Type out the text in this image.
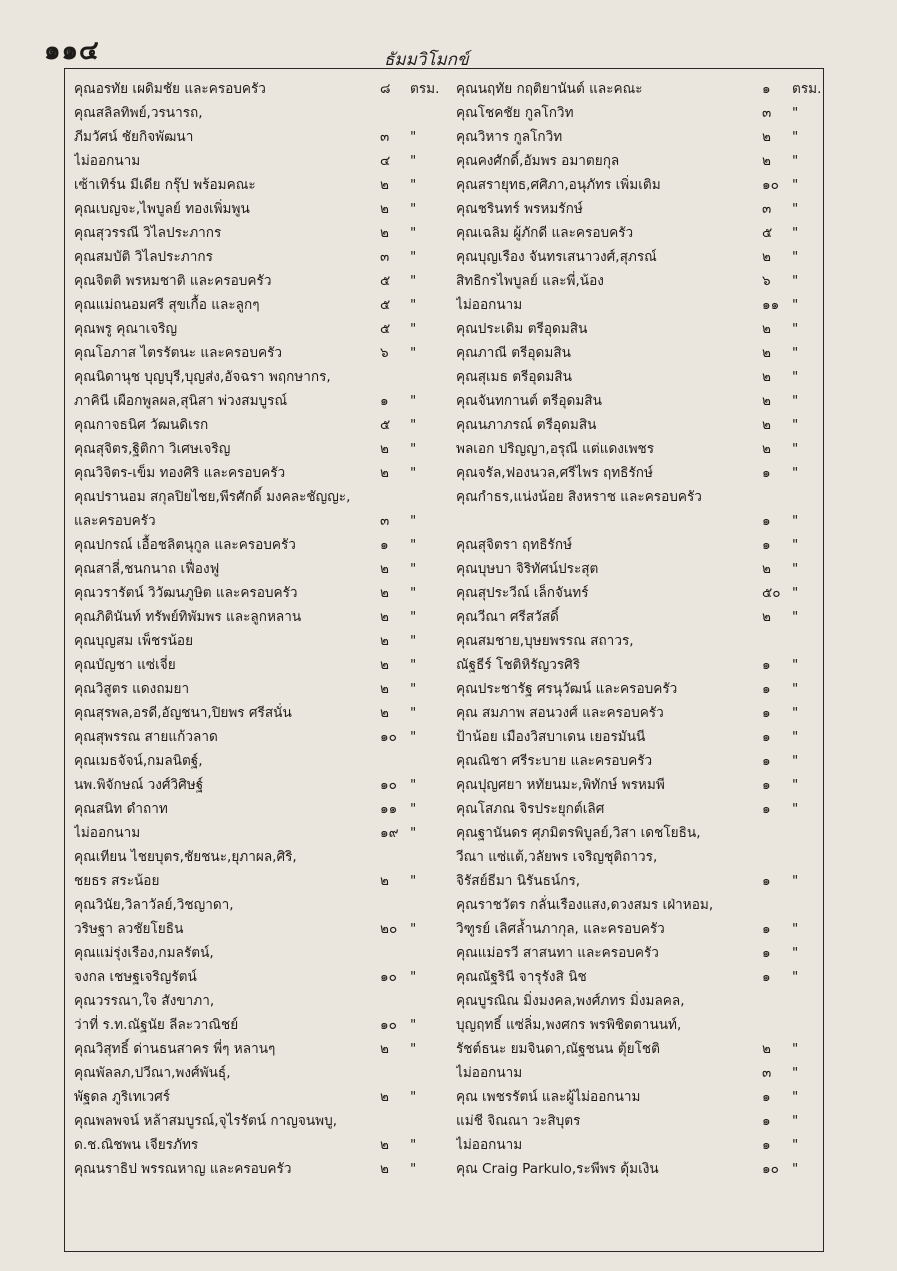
๑๑๔	ธัมมวิโมกข์
คุณอรทัย เผดิมชัย และครอบครัว	๘	ตรม.
คุณสลิลทิพย์,วรนารถ,
ภีมวัศน์ ชัยกิจพัฒนา	๓	"
ไม่ออกนาม	๔	"
เซ้าเทิร์น มีเดีย กรุ๊ป พร้อมคณะ	๒	"
คุณเบญจะ,ไพบูลย์ ทองเพิ่มพูน	๒	"
คุณสุวรรณี วิไลประภากร	๒	"
คุณสมบัติ วิไลประภากร	๓	"
คุณจิตติ พรหมชาติ และครอบครัว	๕	"
คุณแม่ถนอมศรี สุขเกื้อ และลูกๆ	๕	"
คุณพรู คุณาเจริญ	๕	"
คุณโอภาส ไตรรัตนะ และครอบครัว	๖	"
คุณนิดานุช บุญบุรี,บุญส่ง,อัจฉรา พฤกษากร,
ภาคินี เผือกพูลผล,สุนิสา พ่วงสมบูรณ์	๑	"
คุณกาจธนิศ วัฒนดิเรก	๕	"
คุณสุจิตร,ฐิติกา วิเศษเจริญ	๒	"
คุณวิจิตร-เข็ม ทองศิริ และครอบครัว	๒	"
คุณปรานอม สกุลปิยไชย,พีรศักดิ์ มงคละชัญญะ,
และครอบครัว	๓	"
คุณปกรณ์ เอื้อชลิตนุกูล และครอบครัว	๑	"
คุณสาลี่,ชนกนาถ เฟื่องฟู	๒	"
คุณวรารัตน์ วิวัฒนภูษิต และครอบครัว	๒	"
คุณภิตินันท์ ทรัพย์ทิพัมพร และลูกหลาน	๒	"
คุณบุญสม เพ็ชรน้อย	๒	"
คุณบัญชา แซ่เจี่ย	๒	"
คุณวิสูตร แดงถมยา	๒	"
คุณสุรพล,อรดี,อัญชนา,ปิยพร ศรีสนั่น	๒	"
คุณสุพรรณ สายแก้วลาด	๑๐ "
คุณเมธจัจน์,กมลนิตฐ์,
นพ.พิจักษณ์ วงศ์วิศิษฐ์	๑๐ "
คุณสนิท ดำถาท	๑๑ "
ไม่ออกนาม	๑๙ "
คุณเทียน ไชยบุตร,ชัยชนะ,ยุภาผล,ศิริ,
ชยธร สระน้อย	๒	"
คุณวินัย,วิลาวัลย์,วิชญาดา,
วริษฐา ลวชัยโยธิน	๒๐ "
คุณแม่รุ่งเรือง,กมลรัตน์,
จงกล เชษฐเจริญรัตน์	๑๐ "
คุณวรรณา,ใจ สังขาภา,
ว่าที่ ร.ท.ณัฐนัย ลีละวาณิชย์	๑๐ "
คุณวิสุทธิ์ ด่านธนสาคร พี่ๆ หลานๆ	๒	"
คุณพัลลภ,ปวีณา,พงศ์พันธุ์,
พัฐดล ภูริเทเวศร์	๒	"
คุณพลพจน์ หล้าสมบูรณ์,จุไรรัตน์ กาญจนพบู,
ด.ช.ณิชพน เจียรภัทร	๒	"
คุณนราธิป พรรณหาญ และครอบครัว	๒	"
คุณนฤทัย กฤติยานันต์ และคณะ	๑	ตรม.
คุณโชคชัย กูลโกวิท	๓	"
คุณวิหาร กูลโกวิท	๒	"
คุณคงศักดิ์,อัมพร อมาตยกุล	๒	"
คุณสรายุทธ,ศศิภา,อนุภัทร เพิ่มเติม	๑๐ "
คุณชรินทร์ พรหมรักษ์	๓	"
คุณเฉลิม ผู้ภักดี และครอบครัว	๕	"
คุณบุญเรือง จันทรเสนาวงศ์,สุภรณ์	๒	"
สิทธิกรไพบูลย์ และพี่,น้อง	๖	"
ไม่ออกนาม	๑๑ "
คุณประเดิม ตรีอุดมสิน	๒	"
คุณภาณี ตรีอุดมสิน	๒	"
คุณสุเมธ ตรีอุดมสิน	๒	"
คุณจันทกานต์ ตรีอุดมสิน	๒	"
คุณนภาภรณ์ ตรีอุดมสิน	๒	"
พลเอก ปริญญา,อรุณี แต่แดงเพชร	๒	"
คุณจรัล,ฟองนวล,ศรีไพร ฤทธิรักษ์	๑	"
คุณกำธร,แน่งน้อย สิงหราช และครอบครัว
๑	"
คุณสุจิตรา ฤทธิรักษ์	๑	"
คุณบุษบา จิริทัศน์ประสุต	๒	"
คุณสุประวีณ์ เล็กจันทร์	๕๐ "
คุณวีณา ศรีสวัสดิ์	๒	"
คุณสมชาย,บุษยพรรณ สถาวร,
ณัฐธีร์ โชติหิรัญวรศิริ	๑	"
คุณประชารัฐ ศรนุวัฒน์ และครอบครัว	๑	"
คุณ สมภาพ สอนวงศ์ และครอบครัว	๑	"
ป้าน้อย เมืองวิสบาเดน เยอรมันนี	๑	"
คุณณิชา ศรีระบาย และครอบครัว	๑	"
คุณปุญศยา หทัยนมะ,พิทักษ์ พรหมพี	๑	"
คุณโสภณ จิรประยุกต์เลิศ	๑	"
คุณฐานันดร ศุภมิตรพิบูลย์,วิสา เดชโยธิน,
วีณา แซ่แต้,วลัยพร เจริญชุติถาวร,
จิรัสย์ธีมา นิรันธน์กร,	๑	"
คุณราชวัตร กลั่นเรืองแสง,ดวงสมร เฝ่าหอม,
วิฑูรย์ เลิศล้ำนภากุล, และครอบครัว	๑	"
คุณแม่อรวี สาสนทา และครอบครัว	๑	"
คุณณัฐรินี จารุรังสิ นิช	๑	"
คุณบูรณิณ มิ่งมงคล,พงศ์ภทร มิ่งมลคล,
บุญฤทธิ์ แซ่ลิ่ม,พงศกร พรพิชิตตานนท์,
รัชต์ธนะ ยมจินดา,ณัฐชนน ตุ้ยโชติ	๒	"
ไม่ออกนาม	๓	"
คุณ เพชรรัตน์ และผู้ไม่ออกนาม	๑	"
แม่ชี จิณณา วะสิบุตร	๑	"
ไม่ออกนาม	๑	"
คุณ Craig Parkulo,ระพีพร ดุ้มเงิน	๑๐ "
